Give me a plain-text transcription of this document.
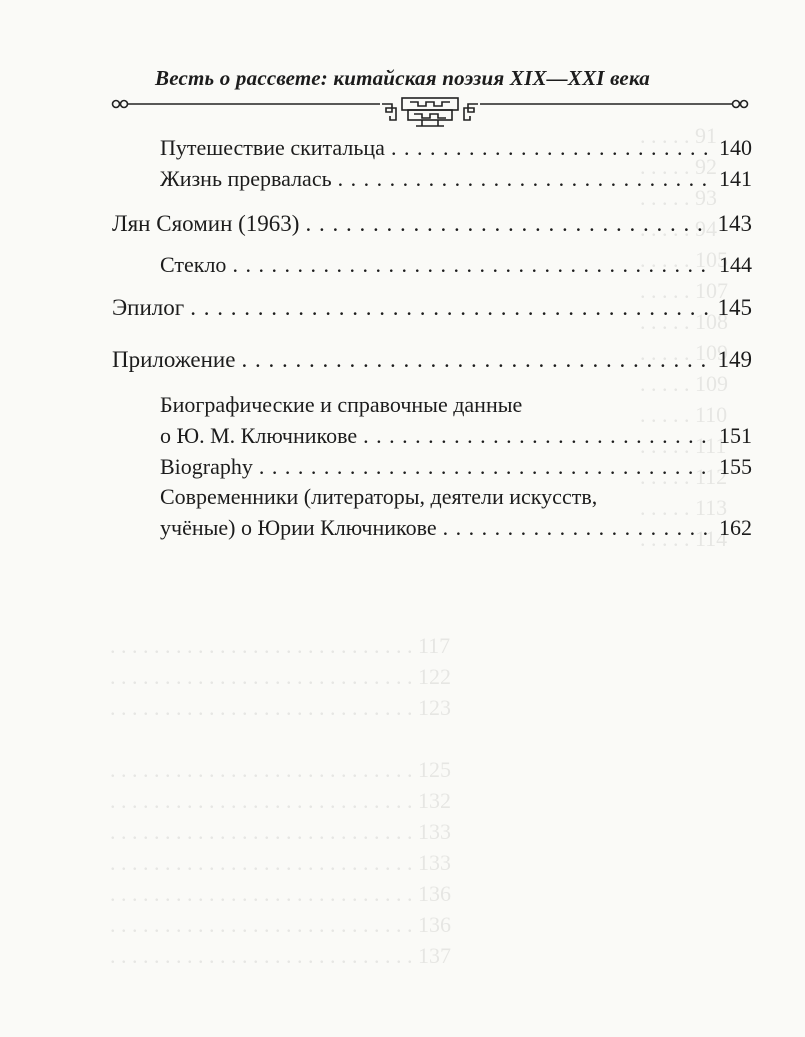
. . . . . 91
. . . . . 92
. . . . . 93
. . . . . 94
. . . . . 105
. . . . . 107
. . . . . 108
. . . . . 109
. . . . . 109
. . . . . 110
. . . . . 111
. . . . . 112
. . . . . 113
. . . . . 114
. . . . . . . . . . . . . . . . . . . . . . . . . . . . 117
. . . . . . . . . . . . . . . . . . . . . . . . . . . . 122
. . . . . . . . . . . . . . . . . . . . . . . . . . . . 123

. . . . . . . . . . . . . . . . . . . . . . . . . . . . 125
. . . . . . . . . . . . . . . . . . . . . . . . . . . . 132
. . . . . . . . . . . . . . . . . . . . . . . . . . . . 133
. . . . . . . . . . . . . . . . . . . . . . . . . . . . 133
. . . . . . . . . . . . . . . . . . . . . . . . . . . . 136
. . . . . . . . . . . . . . . . . . . . . . . . . . . . 136
. . . . . . . . . . . . . . . . . . . . . . . . . . . . 137
Весть о рассвете: китайская поэзия XIX—XXI века
Путешествие скитальца . . .	140
Жизнь прервалась . . .	141
Лян Сяомин (1963) . . .	143
Стекло . . .	144
Эпилог . . .	145
Приложение . . .	149
Биографические и справочные данные
о Ю. М. Ключникове . . .	151
Biography . . .	155
Современники (литераторы, деятели искусств,
учёные) о Юрии Ключникове . . .	162
